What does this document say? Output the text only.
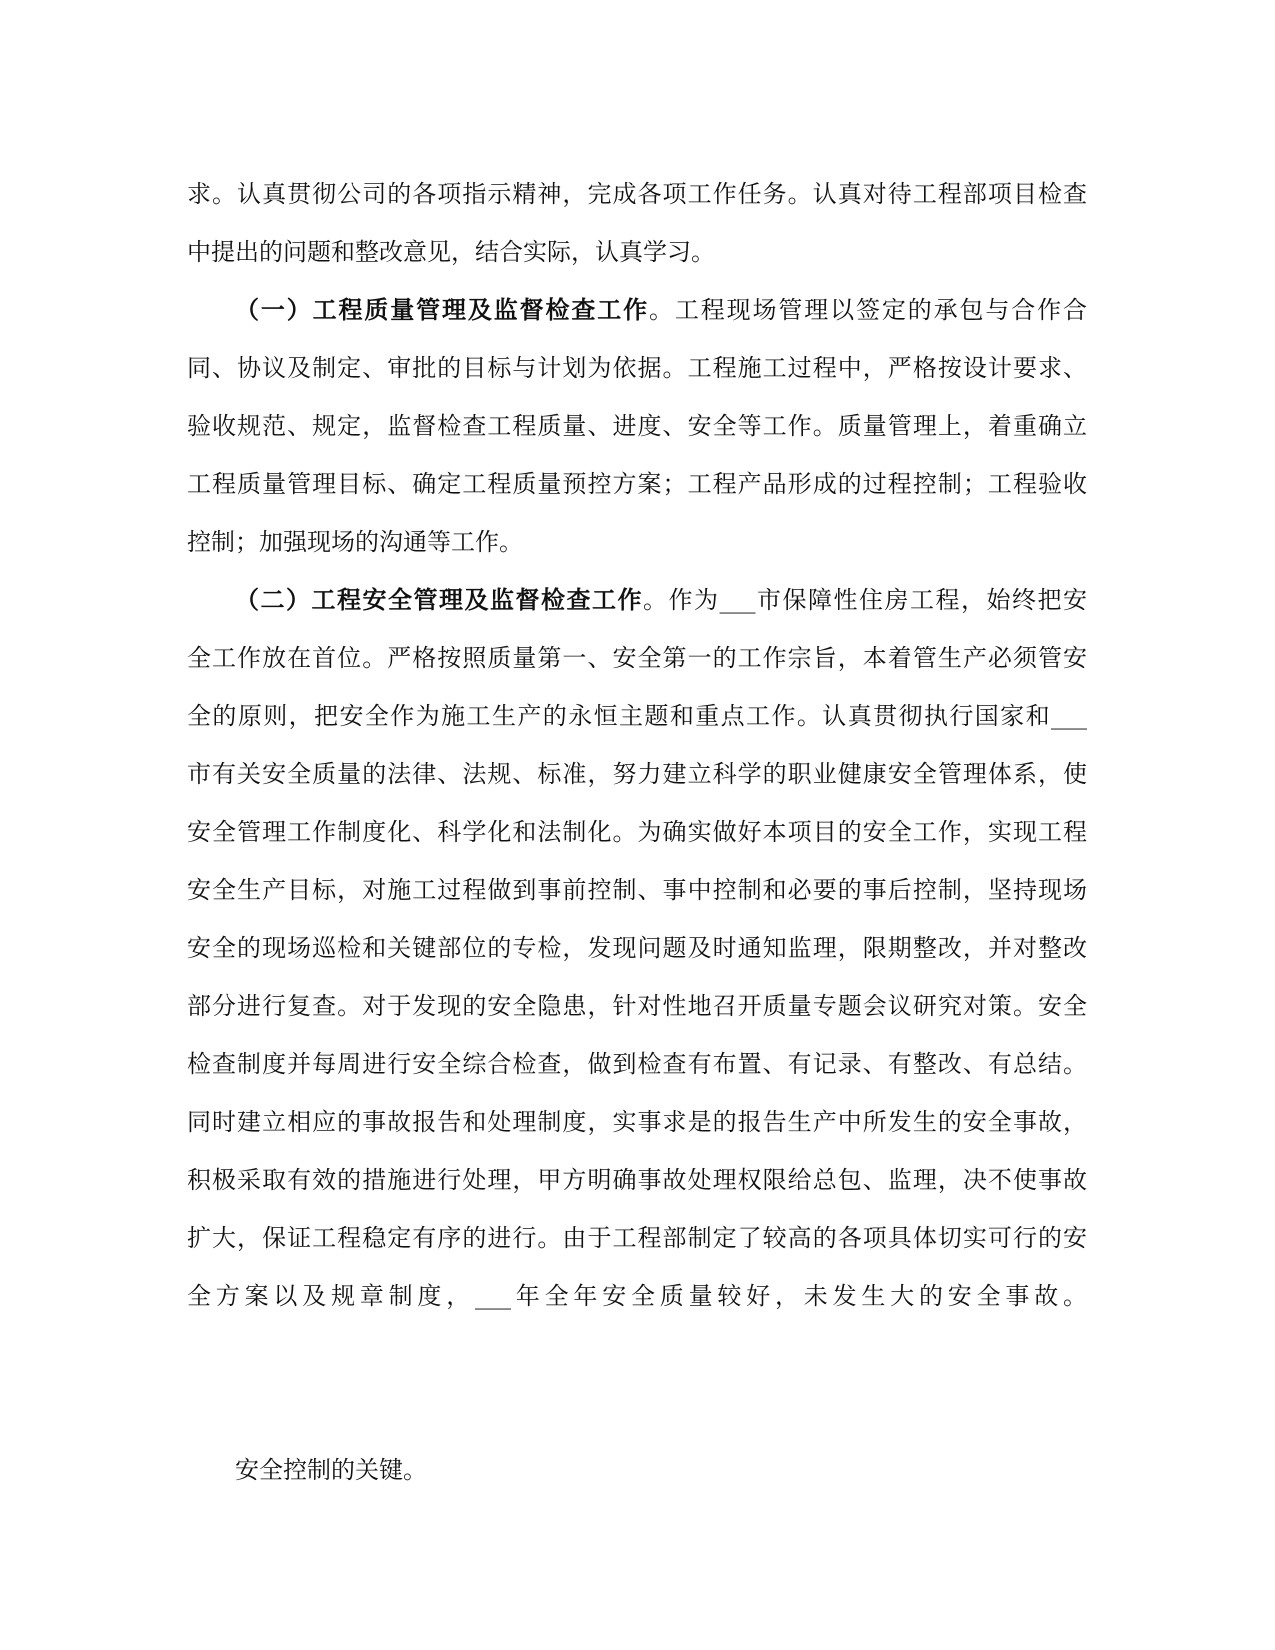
求。认真贯彻公司的各项指示精神，完成各项工作任务。认真对待工程部项目检查
中提出的问题和整改意见，结合实际，认真学习。
（一）工程质量管理及监督检查工作。工程现场管理以签定的承包与合作合
同、协议及制定、审批的目标与计划为依据。工程施工过程中，严格按设计要求、
验收规范、规定，监督检查工程质量、进度、安全等工作。质量管理上，着重确立
工程质量管理目标、确定工程质量预控方案；工程产品形成的过程控制；工程验收
控制；加强现场的沟通等工作。
（二）工程安全管理及监督检查工作。作为___市保障性住房工程，始终把安
全工作放在首位。严格按照质量第一、安全第一的工作宗旨，本着管生产必须管安
全的原则，把安全作为施工生产的永恒主题和重点工作。认真贯彻执行国家和___
市有关安全质量的法律、法规、标准，努力建立科学的职业健康安全管理体系，使
安全管理工作制度化、科学化和法制化。为确实做好本项目的安全工作，实现工程
安全生产目标，对施工过程做到事前控制、事中控制和必要的事后控制，坚持现场
安全的现场巡检和关键部位的专检，发现问题及时通知监理，限期整改，并对整改
部分进行复查。对于发现的安全隐患，针对性地召开质量专题会议研究对策。安全
检查制度并每周进行安全综合检查，做到检查有布置、有记录、有整改、有总结。
同时建立相应的事故报告和处理制度，实事求是的报告生产中所发生的安全事故，
积极采取有效的措施进行处理，甲方明确事故处理权限给总包、监理，决不使事故
扩大，保证工程稳定有序的进行。由于工程部制定了较高的各项具体切实可行的安
全方案以及规章制度，___年全年安全质量较好，未发生大的安全事故。
安全控制的关键。
